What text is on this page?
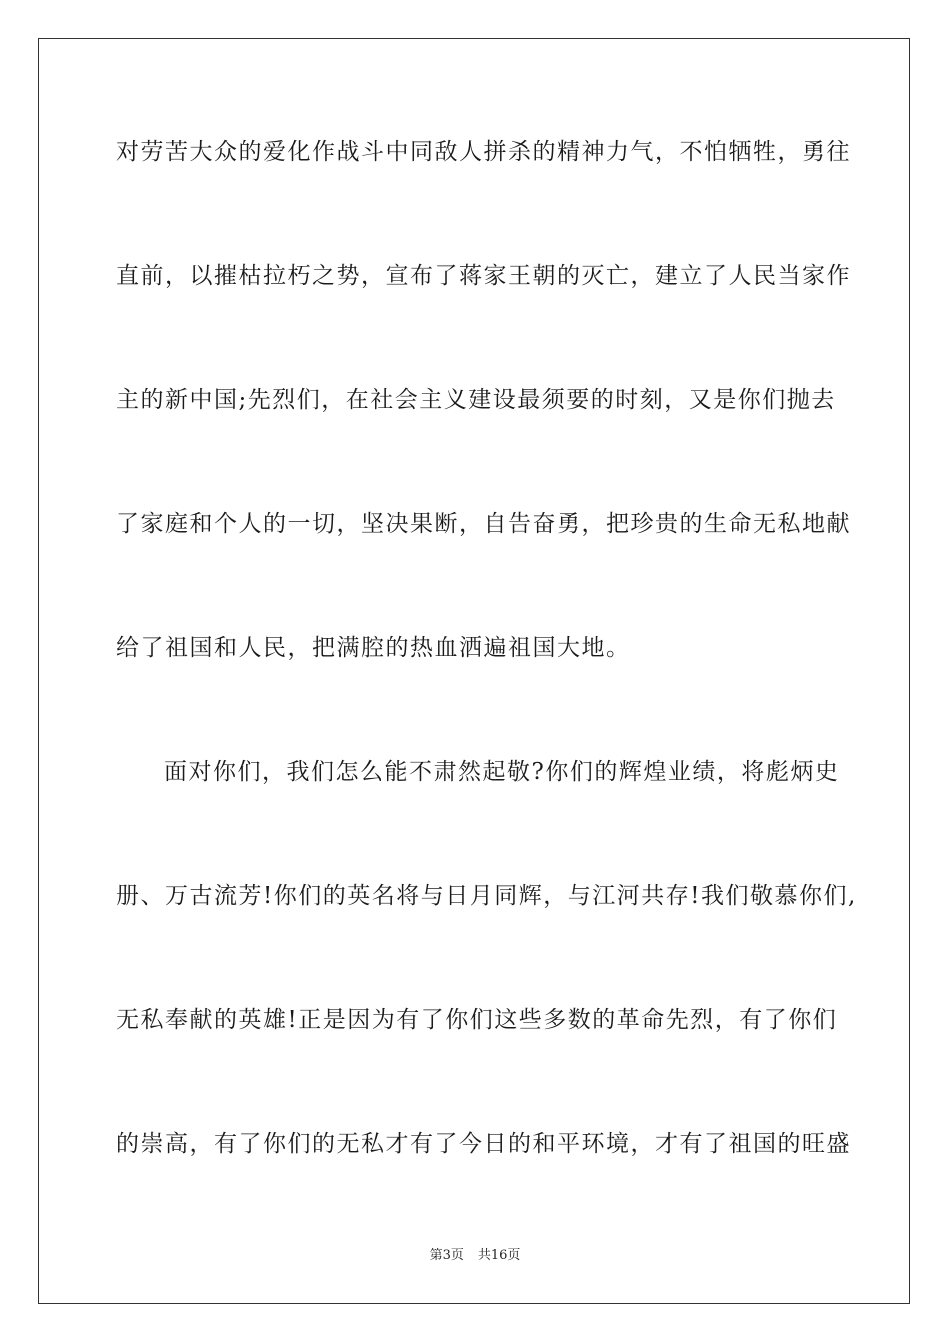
对劳苦大众的爱化作战斗中同敌人拼杀的精神力气，不怕牺牲，勇往
直前，以摧枯拉朽之势，宣布了蒋家王朝的灭亡，建立了人民当家作
主的新中国;先烈们，在社会主义建设最须要的时刻，又是你们抛去
了家庭和个人的一切，坚决果断，自告奋勇，把珍贵的生命无私地献
给了祖国和人民，把满腔的热血洒遍祖国大地。
面对你们，我们怎么能不肃然起敬?你们的辉煌业绩，将彪炳史
册、万古流芳!你们的英名将与日月同辉，与江河共存!我们敬慕你们,
无私奉献的英雄!正是因为有了你们这些多数的革命先烈，有了你们
的崇高，有了你们的无私才有了今日的和平环境，才有了祖国的旺盛
第3页 共16页
